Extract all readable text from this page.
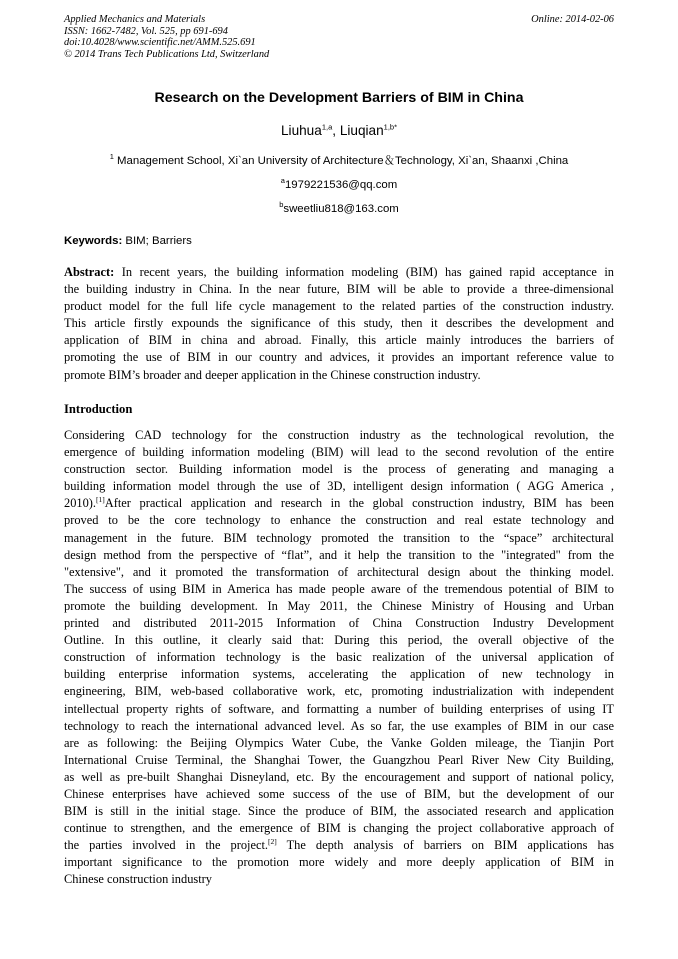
Applied Mechanics and Materials
ISSN: 1662-7482, Vol. 525, pp 691-694
doi:10.4028/www.scientific.net/AMM.525.691
© 2014 Trans Tech Publications Ltd, Switzerland
Online: 2014-02-06
Research on the Development Barriers of BIM in China
Liuhua$^{1,a}$, Liuqian$^{1,b*}$
$^1$ Management School, Xi`an University of Architecture＆Technology, Xi`an, Shaanxi ,China
$^a$1979221536@qq.com
$^b$sweetliu818@163.com
Keywords: BIM; Barriers
Abstract: In recent years, the building information modeling (BIM) has gained rapid acceptance in
the building industry in China. In the near future, BIM will be able to provide a three-dimensional
product model for the full life cycle management to the related parties of the construction industry.
This article firstly expounds the significance of this study, then it describes the development and
application of BIM in china and abroad. Finally, this article mainly introduces the barriers of
promoting the use of BIM in our country and advices, it provides an important reference value to
promote BIM’s broader and deeper application in the Chinese construction industry.
Introduction
Considering CAD technology for the construction industry as the technological revolution, the
emergence of building information modeling (BIM) will lead to the second revolution of the entire
construction sector. Building information model is the process of generating and managing a
building information model through the use of 3D, intelligent design information ( AGG America ,
2010).[1]After practical application and research in the global construction industry, BIM has been
proved to be the core technology to enhance the construction and real estate technology and
management in the future. BIM technology promoted the transition to the “space” architectural
design method from the perspective of “flat”, and it help the transition to the "integrated" from the
"extensive", and it promoted the transformation of architectural design about the thinking model.
The success of using BIM in America has made people aware of the tremendous potential of BIM to
promote the building development. In May 2011, the Chinese Ministry of Housing and Urban
printed and distributed 2011-2015 Information of China Construction Industry Development
Outline. In this outline, it clearly said that: During this period, the overall objective of the
construction of information technology is the basic realization of the universal application of
building enterprise information systems, accelerating the application of new technology in
engineering, BIM, web-based collaborative work, etc, promoting industrialization with independent
intellectual property rights of software, and formatting a number of building enterprises of using IT
technology to reach the international advanced level. As so far, the use examples of BIM in our case
are as following: the Beijing Olympics Water Cube, the Vanke Golden mileage, the Tianjin Port
International Cruise Terminal, the Shanghai Tower, the Guangzhou Pearl River New City Building,
as well as pre-built Shanghai Disneyland, etc. By the encouragement and support of national policy,
Chinese enterprises have achieved some success of the use of BIM, but the development of our
BIM is still in the initial stage. Since the produce of BIM, the associated research and application
continue to strengthen, and the emergence of BIM is changing the project collaborative approach of
the parties involved in the project.[2] The depth analysis of barriers on BIM applications has
important significance to the promotion more widely and more deeply application of BIM in
Chinese construction industry
